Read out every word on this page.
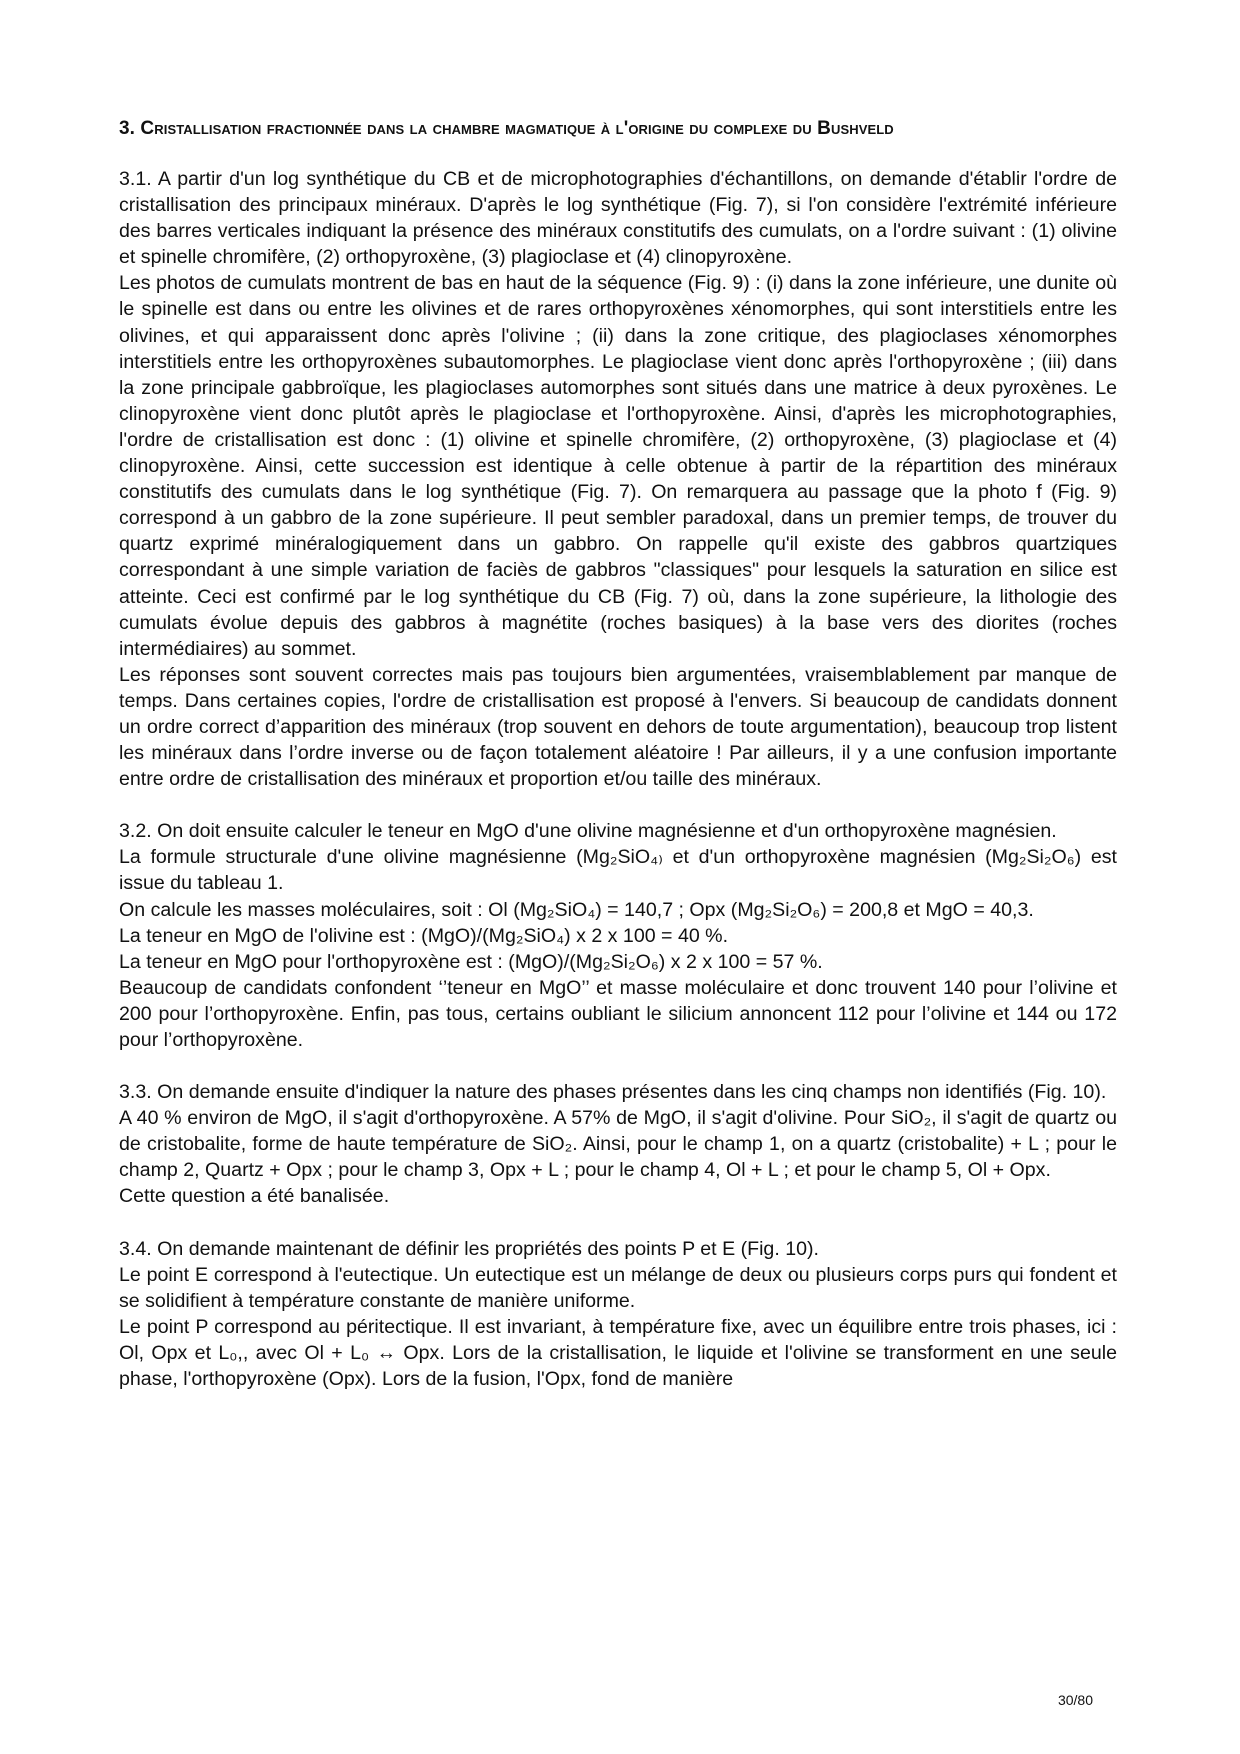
3. Cristallisation fractionnée dans la chambre magmatique à l'origine du complexe du Bushveld

3.1. A partir d'un log synthétique du CB et de microphotographies d'échantillons, on demande d'établir l'ordre de cristallisation des principaux minéraux. D'après le log synthétique (Fig. 7), si l'on considère l'extrémité inférieure des barres verticales indiquant la présence des minéraux constitutifs des cumulats, on a l'ordre suivant : (1) olivine et spinelle chromifère, (2) orthopyroxène, (3) plagioclase et (4) clinopyroxène.

Les photos de cumulats montrent de bas en haut de la séquence (Fig. 9) : (i) dans la zone inférieure, une dunite où le spinelle est dans ou entre les olivines et de rares orthopyroxènes xénomorphes, qui sont interstitiels entre les olivines, et qui apparaissent donc après l'olivine ; (ii) dans la zone critique, des plagioclases xénomorphes interstitiels entre les orthopyroxènes subautomorphes. Le plagioclase vient donc après l'orthopyroxène ; (iii) dans la zone principale gabbroïque, les plagioclases automorphes sont situés dans une matrice à deux pyroxènes. Le clinopyroxène vient donc plutôt après le plagioclase et l'orthopyroxène. Ainsi, d'après les microphotographies, l'ordre de cristallisation est donc : (1) olivine et spinelle chromifère, (2) orthopyroxène, (3) plagioclase et (4) clinopyroxène. Ainsi, cette succession est identique à celle obtenue à partir de la répartition des minéraux constitutifs des cumulats dans le log synthétique (Fig. 7). On remarquera au passage que la photo f (Fig. 9) correspond à un gabbro de la zone supérieure. Il peut sembler paradoxal, dans un premier temps, de trouver du quartz exprimé minéralogiquement dans un gabbro. On rappelle qu'il existe des gabbros quartziques correspondant à une simple variation de faciès de gabbros "classiques" pour lesquels la saturation en silice est atteinte. Ceci est confirmé par le log synthétique du CB (Fig. 7) où, dans la zone supérieure, la lithologie des cumulats évolue depuis des gabbros à magnétite (roches basiques) à la base vers des diorites (roches intermédiaires) au sommet.

Les réponses sont souvent correctes mais pas toujours bien argumentées, vraisemblablement par manque de temps. Dans certaines copies, l'ordre de cristallisation est proposé à l'envers. Si beaucoup de candidats donnent un ordre correct d’apparition des minéraux (trop souvent en dehors de toute argumentation), beaucoup trop listent les minéraux dans l’ordre inverse ou de façon totalement aléatoire ! Par ailleurs, il y a une confusion importante entre ordre de cristallisation des minéraux et proportion et/ou taille des minéraux.

3.2. On doit ensuite calculer le teneur en MgO d'une olivine magnésienne et d'un orthopyroxène magnésien.

La formule structurale d'une olivine magnésienne (Mg₂SiO₄₎ et d'un orthopyroxène magnésien (Mg₂Si₂O₆) est issue du tableau 1.

On calcule les masses moléculaires, soit : Ol (Mg₂SiO₄) = 140,7 ; Opx (Mg₂Si₂O₆) = 200,8 et MgO = 40,3.

La teneur en MgO de l'olivine est : (MgO)/(Mg₂SiO₄) x 2 x 100 = 40 %.

La teneur en MgO pour l'orthopyroxène est : (MgO)/(Mg₂Si₂O₆) x 2 x 100 = 57 %.

Beaucoup de candidats confondent ‘’teneur en MgO’’ et masse moléculaire et donc trouvent 140 pour l’olivine et 200 pour l’orthopyroxène. Enfin, pas tous, certains oubliant le silicium annoncent 112 pour l’olivine et 144 ou 172 pour l’orthopyroxène.

3.3. On demande ensuite d'indiquer la nature des phases présentes dans les cinq champs non identifiés (Fig. 10).

A 40 % environ de MgO, il s'agit d'orthopyroxène. A 57% de MgO, il s'agit d'olivine. Pour SiO₂, il s'agit de quartz ou de cristobalite, forme de haute température de SiO₂. Ainsi, pour le champ 1, on a quartz (cristobalite) + L ; pour le champ 2, Quartz + Opx ; pour le champ 3, Opx + L ; pour le champ 4, Ol + L ; et pour le champ 5, Ol + Opx.

Cette question a été banalisée.

3.4. On demande maintenant de définir les propriétés des points P et E (Fig. 10).

Le point E correspond à l'eutectique. Un eutectique est un mélange de deux ou plusieurs corps purs qui fondent et se solidifient à température constante de manière uniforme.

Le point P correspond au péritectique. Il est invariant, à température fixe, avec un équilibre entre trois phases, ici : Ol, Opx et L₀,, avec Ol + L₀ ↔ Opx. Lors de la cristallisation, le liquide et l'olivine se transforment en une seule phase, l'orthopyroxène (Opx). Lors de la fusion, l'Opx, fond de manière

30/80
